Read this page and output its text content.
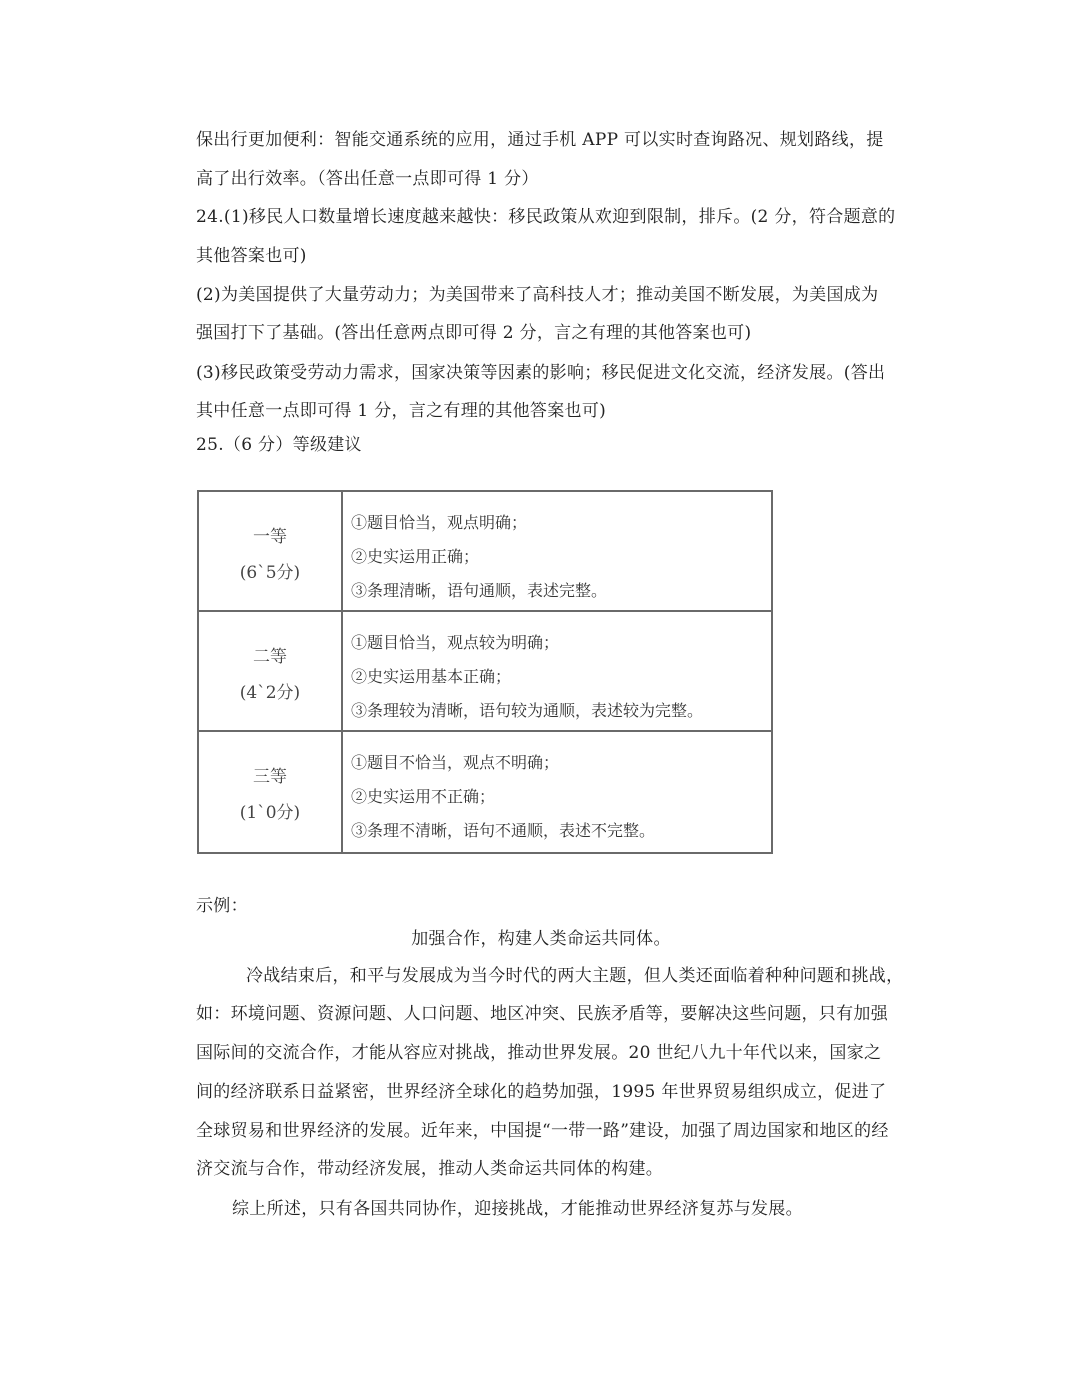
保出行更加便利：智能交通系统的应用，通过手机 APP 可以实时查询路况、规划路线，提
高了出行效率。（答出任意一点即可得 1 分）
24.(1)移民人口数量增长速度越来越快：移民政策从欢迎到限制，排斥。(2 分，符合题意的
其他答案也可)
(2)为美国提供了大量劳动力；为美国带来了高科技人才；推动美国不断发展，为美国成为
强国打下了基础。(答出任意两点即可得 2 分，言之有理的其他答案也可)
(3)移民政策受劳动力需求，国家决策等因素的影响；移民促进文化交流，经济发展。(答出
其中任意一点即可得 1 分，言之有理的其他答案也可)
25.（6 分）等级建议
一等
(6`5分)
①题目恰当，观点明确；
②史实运用正确；
③条理清晰，语句通顺，表述完整。
二等
(4`2分)
①题目恰当，观点较为明确；
②史实运用基本正确；
③条理较为清晰，语句较为通顺，表述较为完整。
三等
(1`0分)
①题目不恰当，观点不明确；
②史实运用不正确；
③条理不清晰，语句不通顺，表述不完整。
示例：
加强合作，构建人类命运共同体。
冷战结束后，和平与发展成为当今时代的两大主题，但人类还面临着种种问题和挑战，
如：环境问题、资源问题、人口问题、地区冲突、民族矛盾等，要解决这些问题，只有加强
国际间的交流合作，才能从容应对挑战，推动世界发展。20 世纪八九十年代以来，国家之
间的经济联系日益紧密，世界经济全球化的趋势加强，1995 年世界贸易组织成立，促进了
全球贸易和世界经济的发展。近年来，中国提“一带一路”建设，加强了周边国家和地区的经
济交流与合作，带动经济发展，推动人类命运共同体的构建。
综上所述，只有各国共同协作，迎接挑战，才能推动世界经济复苏与发展。
